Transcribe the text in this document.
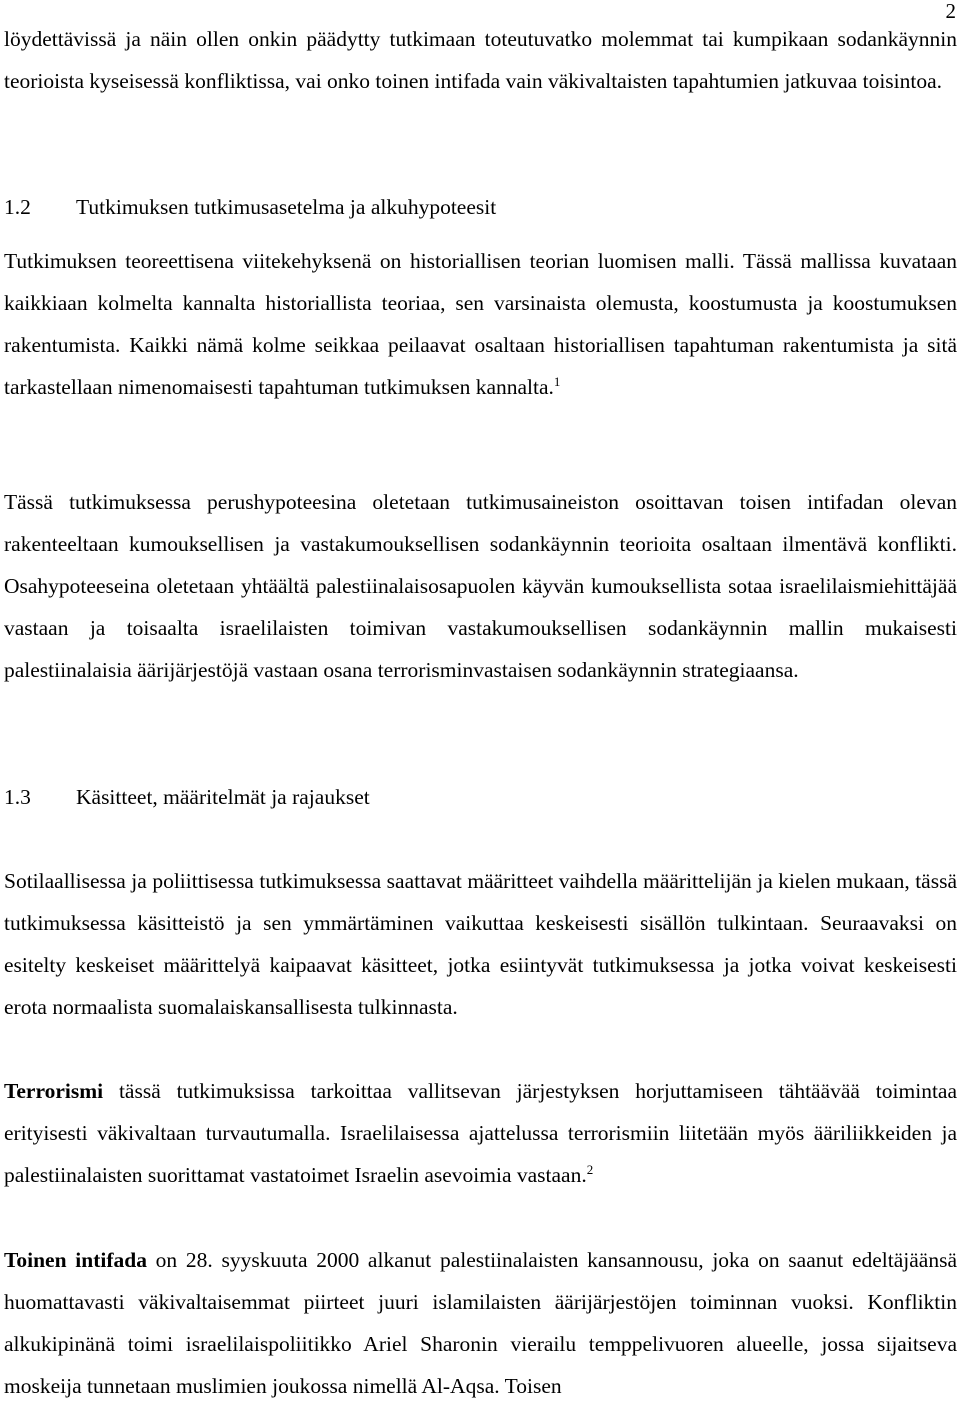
2

löydettävissä ja näin ollen onkin päädytty tutkimaan toteutuvatko molemmat tai kumpikaan sodankäynnin teorioista kyseisessä konfliktissa, vai onko toinen intifada vain väkivaltaisten tapahtumien jatkuvaa toisintoa.

1.2 Tutkimuksen tutkimusasetelma ja alkuhypoteesit

Tutkimuksen teoreettisena viitekehyksenä on historiallisen teorian luomisen malli. Tässä mallissa kuvataan kaikkiaan kolmelta kannalta historiallista teoriaa, sen varsinaista olemusta, koostumusta ja koostumuksen rakentumista. Kaikki nämä kolme seikkaa peilaavat osaltaan historiallisen tapahtuman rakentumista ja sitä tarkastellaan nimenomaisesti tapahtuman tutkimuksen kannalta.$^1$

Tässä tutkimuksessa perushypoteesina oletetaan tutkimusaineiston osoittavan toisen intifadan olevan rakenteeltaan kumouksellisen ja vastakumouksellisen sodankäynnin teorioita osaltaan ilmentävä konflikti. Osahypoteeseina oletetaan yhtäältä palestiinalaisosapuolen käyvän kumouksellista sotaa israelilaismiehittäjää vastaan ja toisaalta israelilaisten toimivan vastakumouksellisen sodankäynnin mallin mukaisesti palestiinalaisia äärijärjestöjä vastaan osana terrorisminvastaisen sodankäynnin strategiaansa.

1.3 Käsitteet, määritelmät ja rajaukset

Sotilaallisessa ja poliittisessa tutkimuksessa saattavat määritteet vaihdella määrittelijän ja kielen mukaan, tässä tutkimuksessa käsitteistö ja sen ymmärtäminen vaikuttaa keskeisesti sisällön tulkintaan. Seuraavaksi on esitelty keskeiset määrittelyä kaipaavat käsitteet, jotka esiintyvät tutkimuksessa ja jotka voivat keskeisesti erota normaalista suomalaiskansallisesta tulkinnasta.

Terrorismi tässä tutkimuksissa tarkoittaa vallitsevan järjestyksen horjuttamiseen tähtäävää toimintaa erityisesti väkivaltaan turvautumalla. Israelilaisessa ajattelussa terrorismiin liitetään myös ääriliikkeiden ja palestiinalaisten suorittamat vastatoimet Israelin asevoimia vastaan.$^2$

Toinen intifada on 28. syyskuuta 2000 alkanut palestiinalaisten kansannousu, joka on saanut edeltäjäänsä huomattavasti väkivaltaisemmat piirteet juuri islamilaisten äärijärjestöjen toiminnan vuoksi. Konfliktin alkukipinänä toimi israelilaispoliitikko Ariel Sharonin vierailu temppelivuoren alueelle, jossa sijaitseva moskeija tunnetaan muslimien joukossa nimellä Al-Aqsa. Toisen
